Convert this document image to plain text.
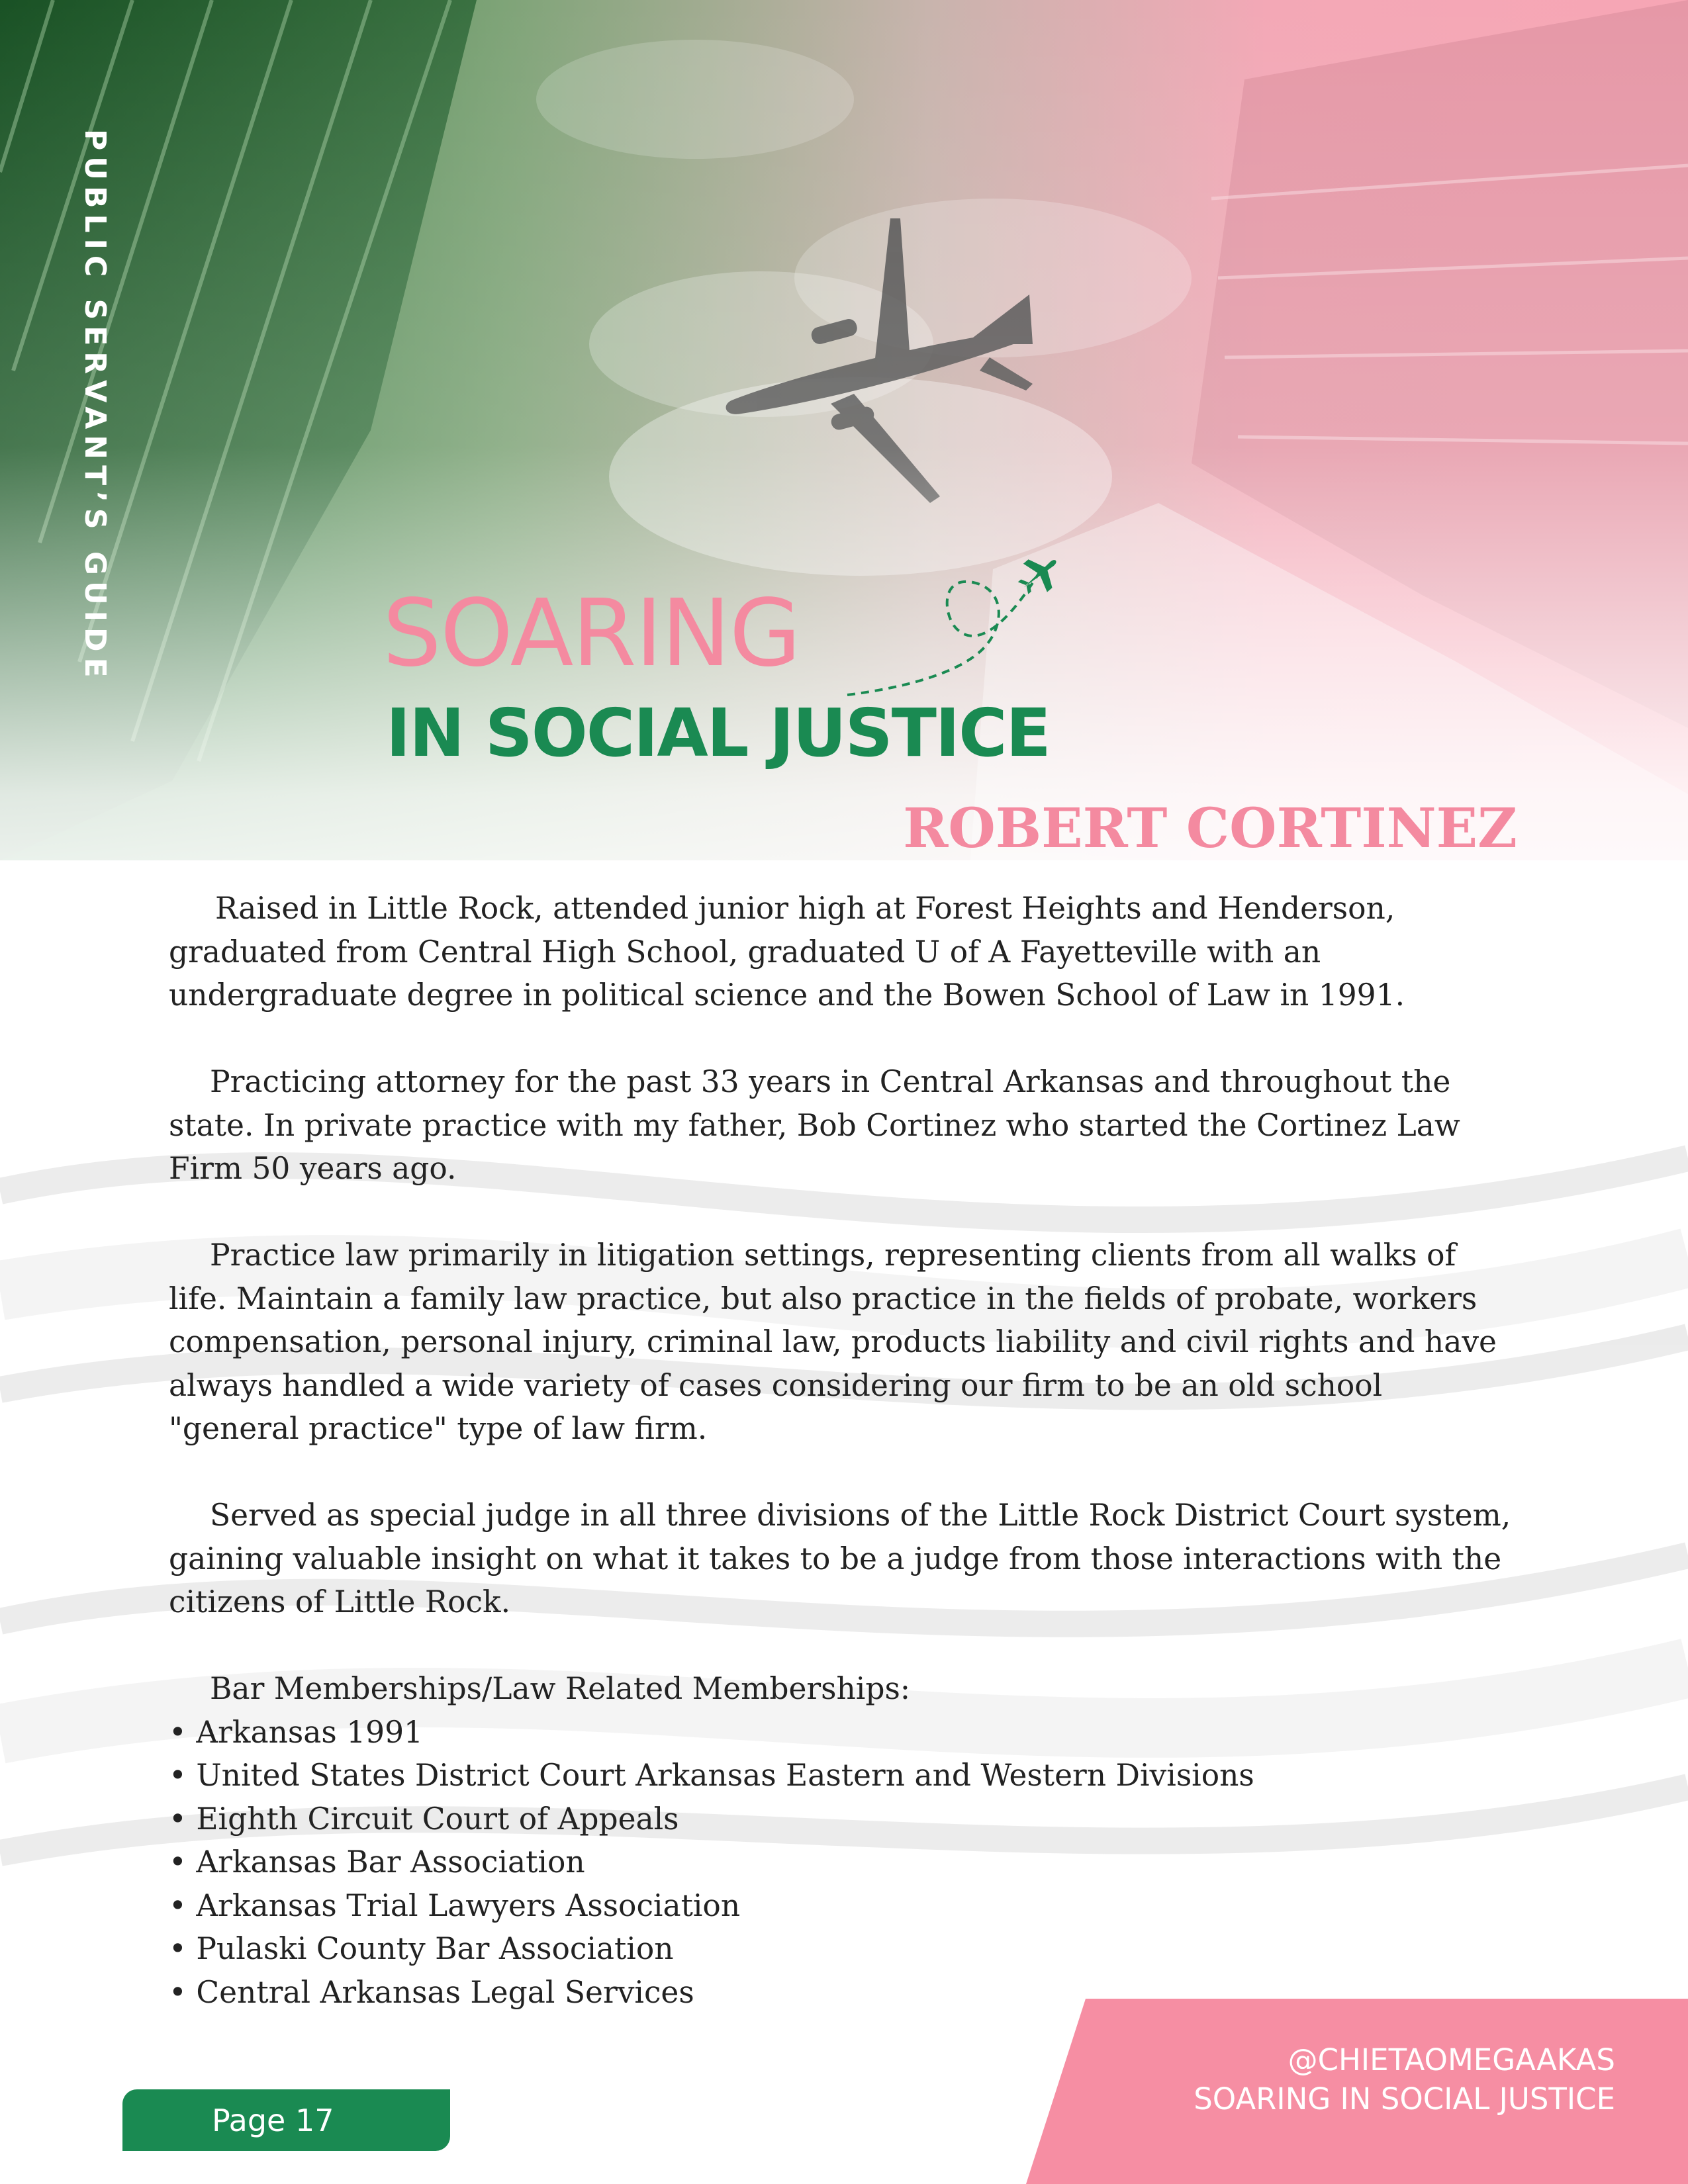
PUBLIC SERVANT’S GUIDE	SOARING
IN SOCIAL JUSTICE
ROBERT CORTINEZ

Raised in Little Rock, attended junior high at Forest Heights and Henderson, graduated from Central High School, graduated U of A Fayetteville with an undergraduate degree in political science and the Bowen School of Law in 1991.

Practicing attorney for the past 33 years in Central Arkansas and throughout the state. In private practice with my father, Bob Cortinez who started the Cortinez Law Firm 50 years ago.

Practice law primarily in litigation settings, representing clients from all walks of life. Maintain a family law practice, but also practice in the fields of probate, workers compensation, personal injury, criminal law, products liability and civil rights and have always handled a wide variety of cases considering our firm to be an old school "general practice" type of law firm.

Served as special judge in all three divisions of the Little Rock District Court system, gaining valuable insight on what it takes to be a judge from those interactions with the citizens of Little Rock.

Bar Memberships/Law Related Memberships:

• Arkansas 1991
• United States District Court Arkansas Eastern and Western Divisions
• Eighth Circuit Court of Appeals
• Arkansas Bar Association
• Arkansas Trial Lawyers Association
• Pulaski County Bar Association
• Central Arkansas Legal Services
Page 17
@CHIETAOMEGAAKAS
SOARING IN SOCIAL JUSTICE
